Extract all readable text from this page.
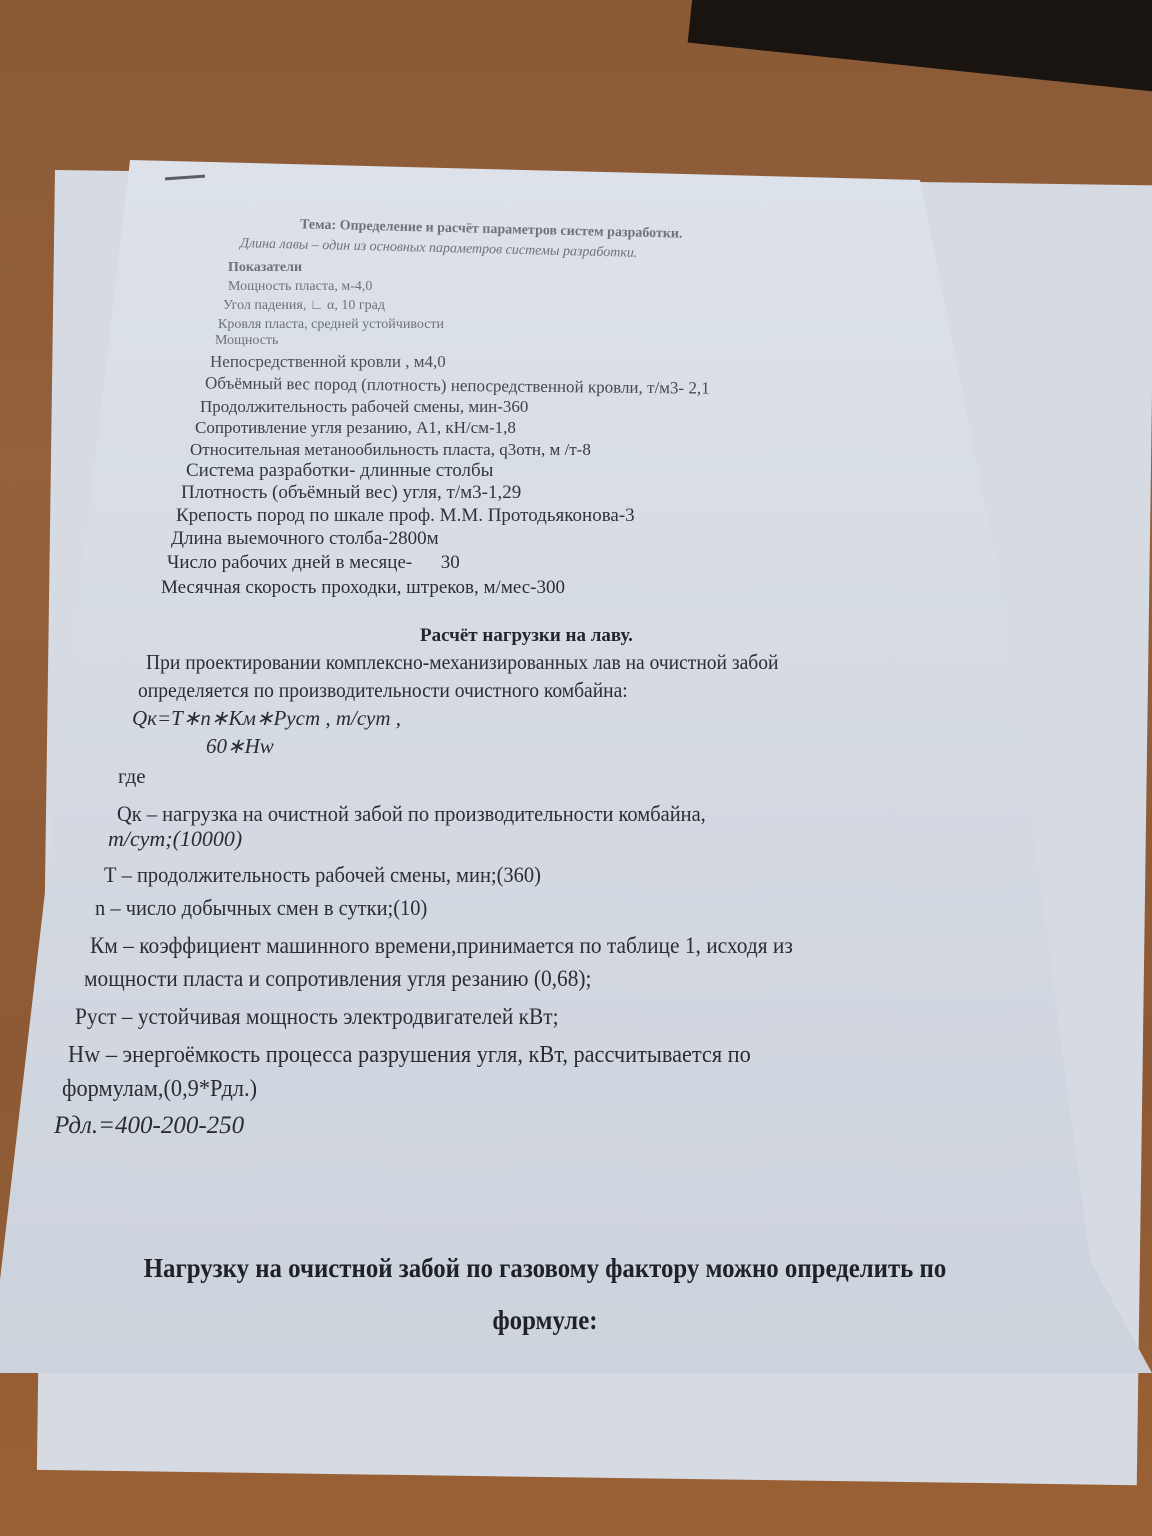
Тема: Определение и расчёт параметров систем разработки.
Длина лавы – один из основных параметров системы разработки.
Показатели
Мощность пласта, м-4,0
Угол падения, ∟ α, 10 град
Кровля пласта, средней устойчивости
Мощность
Непосредственной кровли , м4,0
Объёмный вес пород (плотность) непосредственной кровли, т/м3- 2,1
Продолжительность рабочей смены, мин-360
Сопротивление угля резанию, А1, кН/см-1,8
Относительная метанообильность пласта, q3отн, м /т-8
Система разработки- длинные столбы
Плотность (объёмный вес) угля, т/м3-1,29
Крепость пород по шкале проф. М.М. Протодьяконова-3
Длина выемочного столба-2800м
Число рабочих дней в месяце-      30
Месячная скорость проходки, штреков, м/мес-300
Расчёт нагрузки на лаву.
При проектировании комплексно-механизированных лав на очистной забой
определяется по производительности очистного комбайна:
Qк=Т∗п∗Км∗Руст , т/сут ,
60∗Hw
где
Qк – нагрузка на очистной забой по производительности комбайна,
т/сут;(10000)
Т – продолжительность рабочей смены, мин;(360)
n – число добычных смен в сутки;(10)
Км – коэффициент машинного времени,принимается по таблице 1, исходя из
мощности пласта и сопротивления угля резанию (0,68);
Руст – устойчивая мощность электродвигателей кВт;
Hw – энергоёмкость процесса разрушения угля, кВт, рассчитывается по
формулам,(0,9*Рдл.)
Рдл.=400-200-250
Нагрузку на очистной забой по газовому фактору можно определить по
формуле:
